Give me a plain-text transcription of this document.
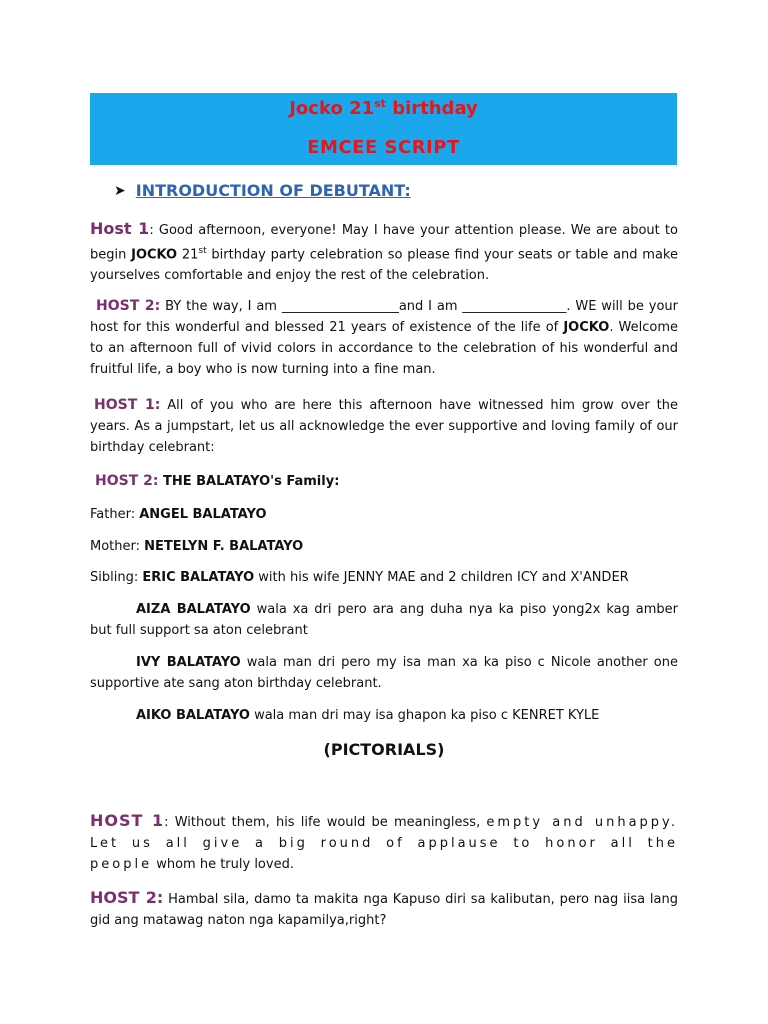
Jocko 21st birthday
EMCEE SCRIPT
➤ INTRODUCTION OF DEBUTANT:
Host 1: Good afternoon, everyone! May I have your attention please. We are about to begin JOCKO 21st birthday party celebration so please find your seats or table and make yourselves comfortable and enjoy the rest of the celebration.
HOST 2: BY the way, I am __________________and I am ________________. WE will be your host for this wonderful and blessed 21 years of existence of the life of JOCKO. Welcome to an afternoon full of vivid colors in accordance to the celebration of his wonderful and fruitful life, a boy who is now turning into a fine man.
HOST 1: All of you who are here this afternoon have witnessed him grow over the years. As a jumpstart, let us all acknowledge the ever supportive and loving family of our birthday celebrant:
HOST 2: THE BALATAYO's Family:
Father: ANGEL BALATAYO
Mother: NETELYN F. BALATAYO
Sibling: ERIC BALATAYO with his wife JENNY MAE and 2 children ICY and X'ANDER
AIZA BALATAYO wala xa dri pero ara ang duha nya ka piso yong2x kag amber but full support sa aton celebrant
IVY BALATAYO wala man dri pero my isa man xa ka piso c Nicole another one supportive ate sang aton birthday celebrant.
AIKO BALATAYO wala man dri may isa ghapon ka piso c KENRET KYLE
(PICTORIALS)
HOST 1: Without them, his life would be meaningless, empty and unhappy. Let us all give a big round of applause to honor all the people whom he truly loved.
HOST 2: Hambal sila, damo ta makita nga Kapuso diri sa kalibutan, pero nag iisa lang gid ang matawag naton nga kapamilya,right?
